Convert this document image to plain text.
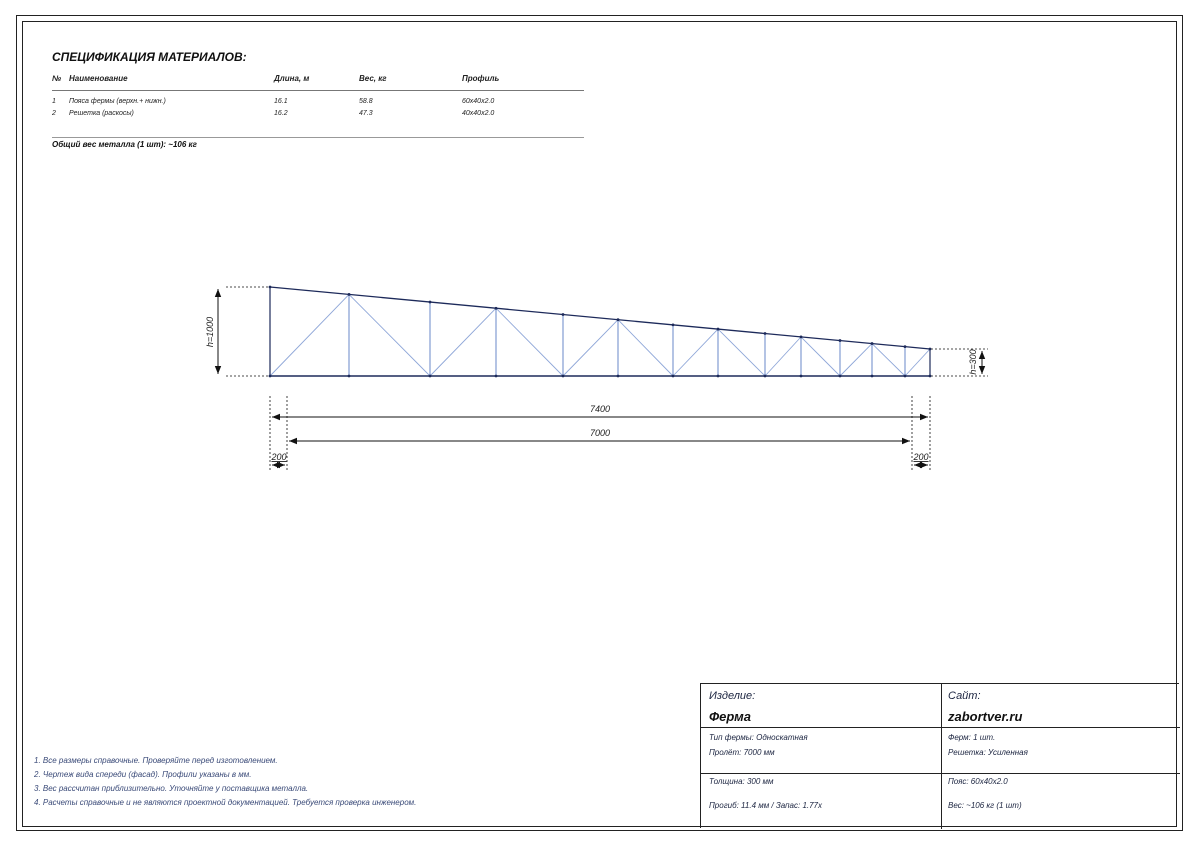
СПЕЦИФИКАЦИЯ МАТЕРИАЛОВ:
№ Наименование	Длина, м	Вес, кг	Профиль
1 Пояса фермы (верхн.+ нижн.)	16.1	58.8	60x40x2.0
2 Решетка (раскосы)	16.2	47.3	40x40x2.0
Общий вес металла (1 шт): ~106 кг
h=1000
h=300
7400
7000
200	200
1. Все размеры справочные. Проверяйте перед изготовлением.
2. Чертеж вида спереди (фасад). Профили указаны в мм.
3. Вес рассчитан приблизительно. Уточняйте у поставщика металла.
4. Расчеты справочные и не являются проектной документацией. Требуется проверка инженером.
Изделие:
Ферма
Сайт:
zabortver.ru
Тип фермы: Односкатная
Пролёт: 7000 мм
Ферм: 1 шт.
Решетка: Усиленная
Толщина: 300 мм
Прогиб: 11.4 мм / Запас: 1.77x
Пояс: 60x40x2.0
Вес: ~106 кг (1 шт)
